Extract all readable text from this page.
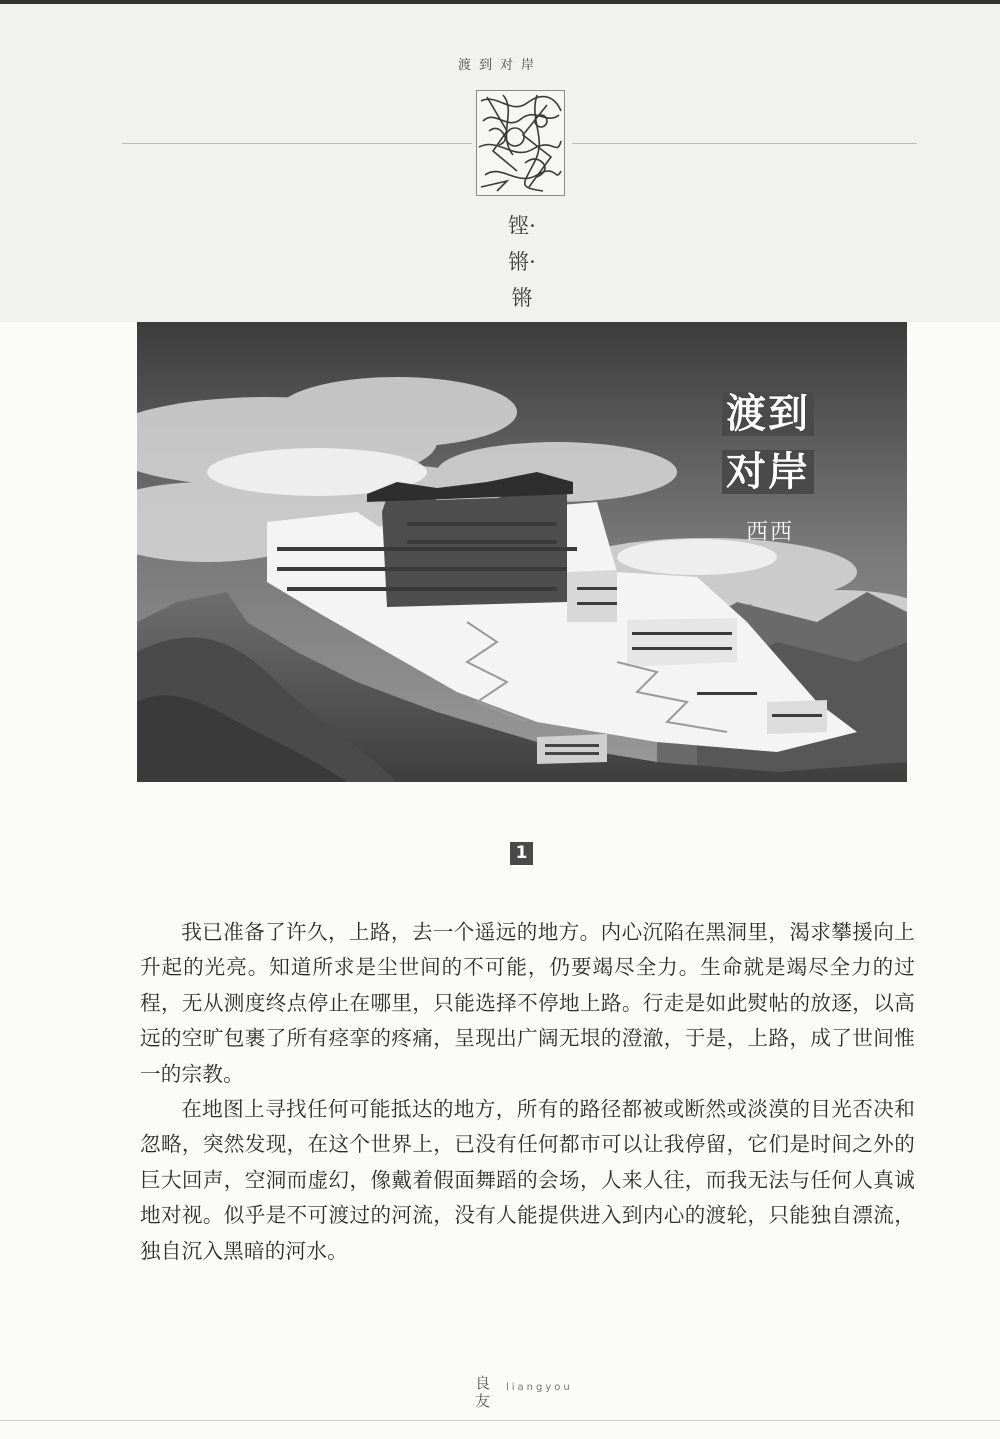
渡到对岸
铿·
锵·
锵
渡到 对岸
西西
1

我已准备了许久，上路，去一个遥远的地方。内心沉陷在黑洞里，渴求攀援向上升起的光亮。知道所求是尘世间的不可能，仍要竭尽全力。生命就是竭尽全力的过程，无从测度终点停止在哪里，只能选择不停地上路。行走是如此熨帖的放逐，以高远的空旷包裹了所有痉挛的疼痛，呈现出广阔无垠的澄澈，于是，上路，成了世间惟一的宗教。

在地图上寻找任何可能抵达的地方，所有的路径都被或断然或淡漠的目光否决和忽略，突然发现，在这个世界上，已没有任何都市可以让我停留，它们是时间之外的巨大回声，空洞而虚幻，像戴着假面舞蹈的会场，人来人往，而我无法与任何人真诚地对视。似乎是不可渡过的河流，没有人能提供进入到内心的渡轮，只能独自漂流，独自沉入黑暗的河水。

良
友
liangyou
